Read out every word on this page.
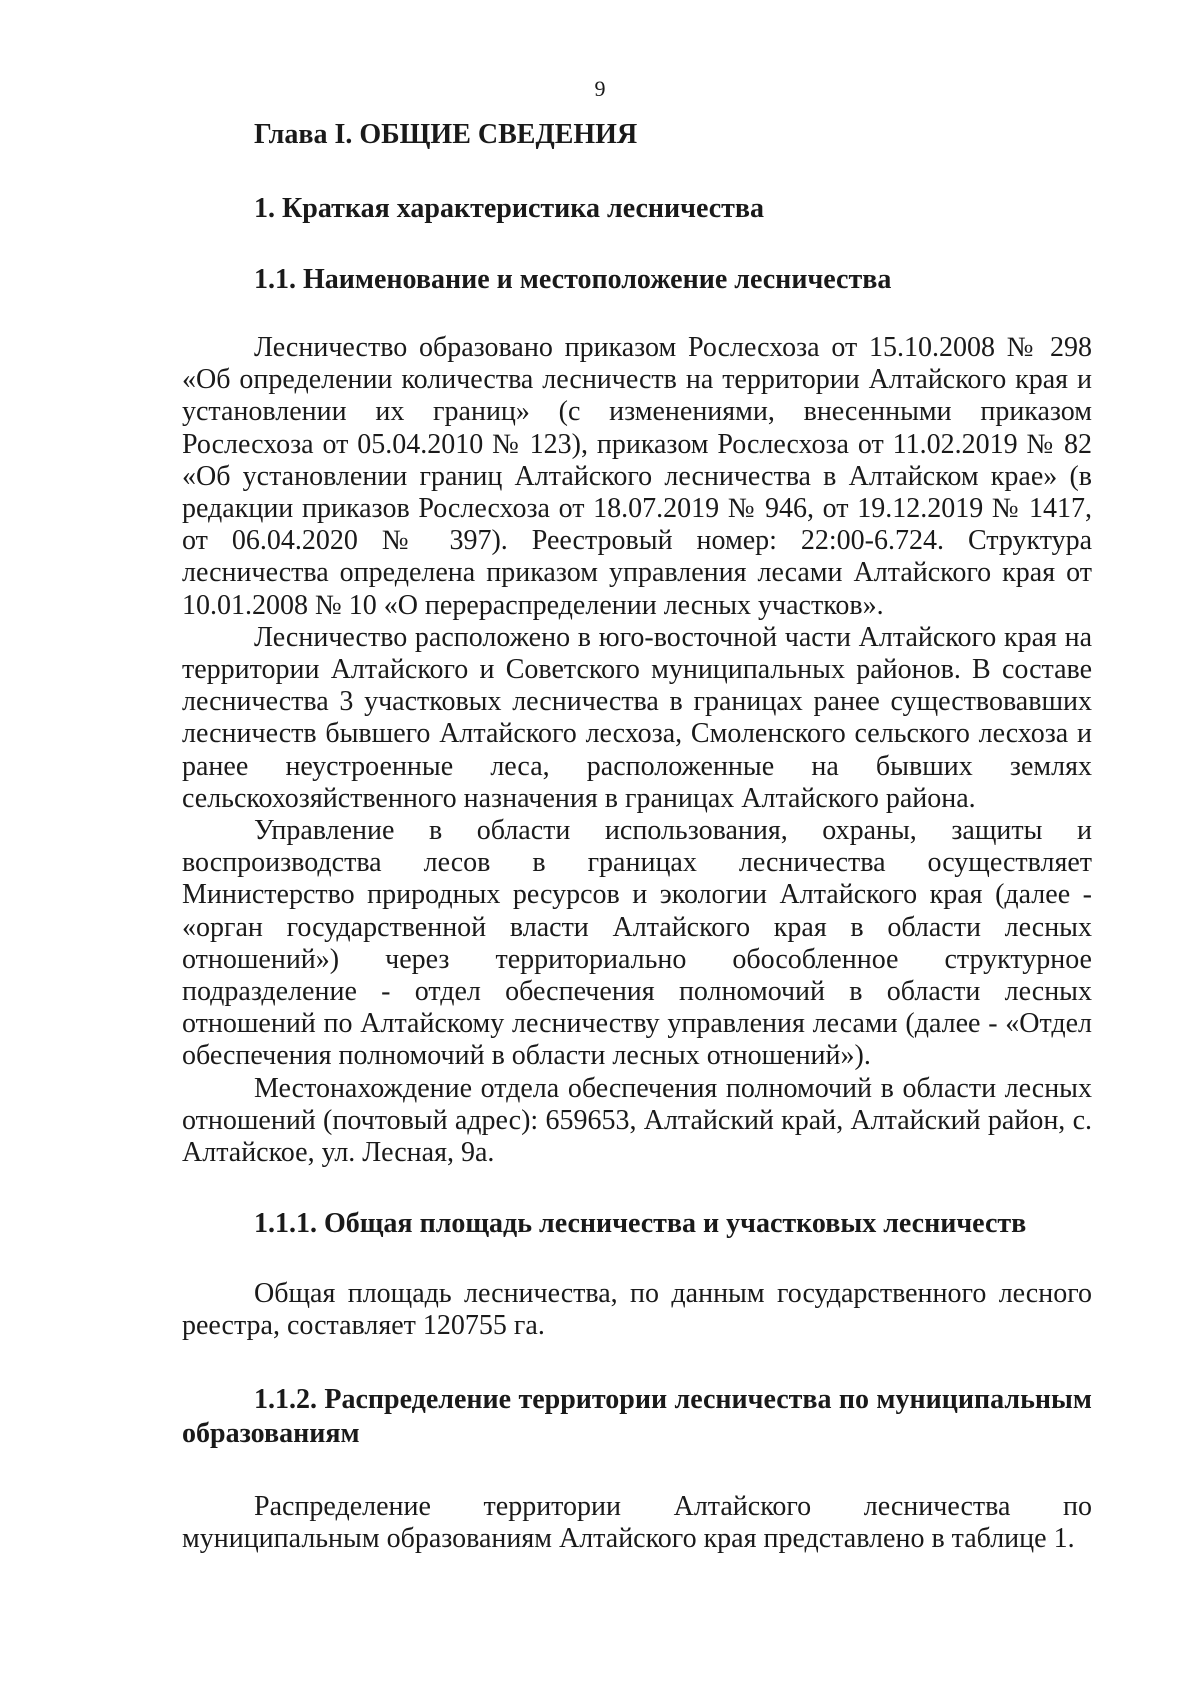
9
Глава I. ОБЩИЕ СВЕДЕНИЯ
1. Краткая характеристика лесничества
1.1. Наименование и местоположение лесничества

Лесничество образовано приказом Рослесхоза от 15.10.2008 № 298 «Об определении количества лесничеств на территории Алтайского края и установлении их границ» (с изменениями, внесенными приказом Рослесхоза от 05.04.2010 № 123), приказом Рослесхоза от 11.02.2019 № 82 «Об установлении границ Алтайского лесничества в Алтайском крае» (в редакции приказов Рослесхоза от 18.07.2019 № 946, от 19.12.2019 № 1417, от 06.04.2020 № 397). Реестровый номер: 22:00-6.724. Структура лесничества определена приказом управления лесами Алтайского края от 10.01.2008 № 10 «О перераспределении лесных участков».

Лесничество расположено в юго-восточной части Алтайского края на территории Алтайского и Советского муниципальных районов. В составе лесничества 3 участковых лесничества в границах ранее существовавших лесничеств бывшего Алтайского лесхоза, Смоленского сельского лесхоза и ранее неустроенные леса, расположенные на бывших землях сельскохозяйственного назначения в границах Алтайского района.

Управление в области использования, охраны, защиты и воспроизводства лесов в границах лесничества осуществляет Министерство природных ресурсов и экологии Алтайского края (далее - «орган государственной власти Алтайского края в области лесных отношений») через территориально обособленное структурное подразделение - отдел обеспечения полномочий в области лесных отношений по Алтайскому лесничеству управления лесами (далее - «Отдел обеспечения полномочий в области лесных отношений»).

Местонахождение отдела обеспечения полномочий в области лесных отношений (почтовый адрес): 659653, Алтайский край, Алтайский район, с. Алтайское, ул. Лесная, 9а.

1.1.1. Общая площадь лесничества и участковых лесничеств

Общая площадь лесничества, по данным государственного лесного реестра, составляет 120755 га.

1.1.2. Распределение территории лесничества по муниципальным образованиям

Распределение территории Алтайского лесничества по муниципальным образованиям Алтайского края представлено в таблице 1.
